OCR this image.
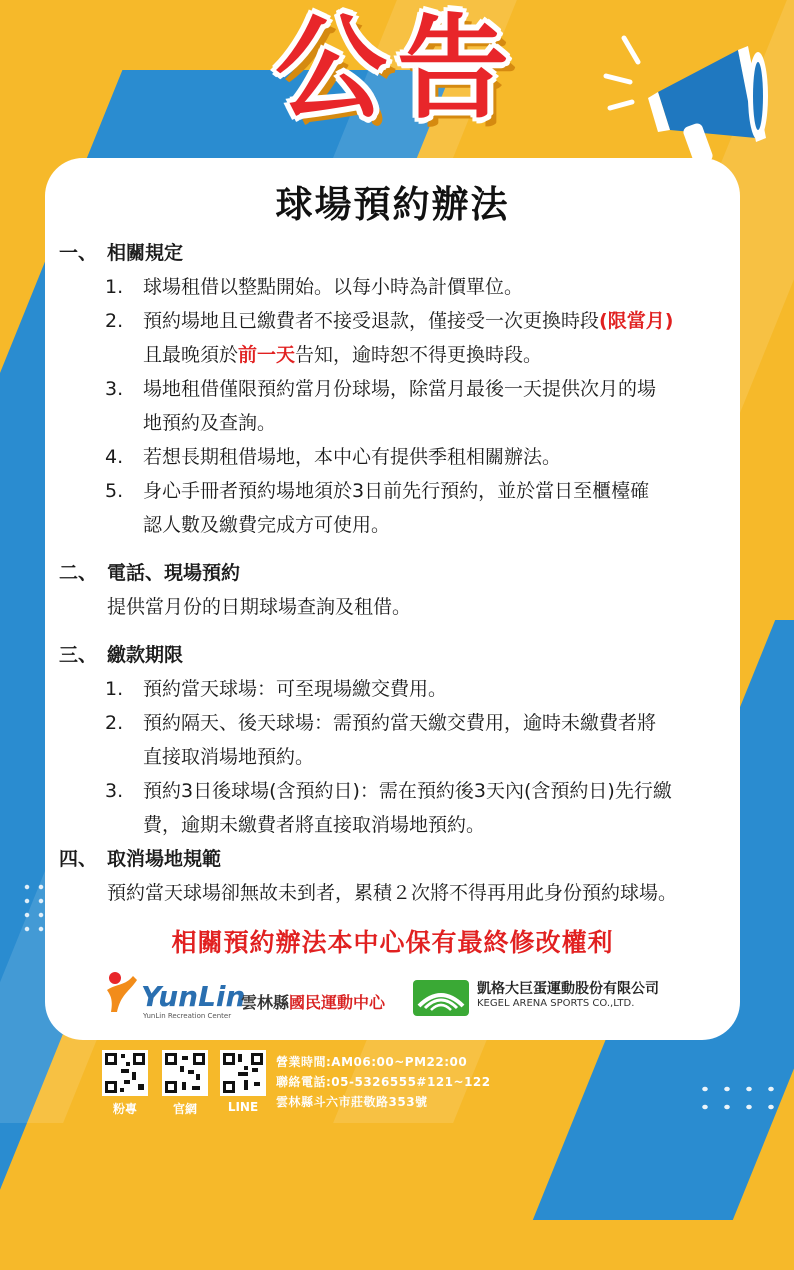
公告
球場預約辦法
一、 相關規定
1. 球場租借以整點開始。以每小時為計價單位。
2. 預約場地且已繳費者不接受退款，僅接受一次更換時段(限當月)
且最晚須於前一天告知，逾時恕不得更換時段。
3. 場地租借僅限預約當月份球場，除當月最後一天提供次月的場
地預約及查詢。
4. 若想長期租借場地，本中心有提供季租相關辦法。
5. 身心手冊者預約場地須於3日前先行預約，並於當日至櫃檯確
認人數及繳費完成方可使用。
二、 電話、現場預約
提供當月份的日期球場查詢及租借。
三、 繳款期限
1. 預約當天球場：可至現場繳交費用。
2. 預約隔天、後天球場：需預約當天繳交費用，逾時未繳費者將
直接取消場地預約。
3. 預約3日後球場(含預約日)：需在預約後3天內(含預約日)先行繳
費，逾期未繳費者將直接取消場地預約。
四、 取消場地規範
預約當天球場卻無故未到者，累積２次將不得再用此身份預約球場。
相關預約辦法本中心保有最終修改權利
YunLin
YunLin Recreation Center
雲林縣國民運動中心
凱格大巨蛋運動股份有限公司
KEGEL ARENA SPORTS CO.,LTD.
粉專	官網	LINE
營業時間:AM06:00~PM22:00
聯絡電話:05-5326555#121~122
雲林縣斗六市莊敬路353號
